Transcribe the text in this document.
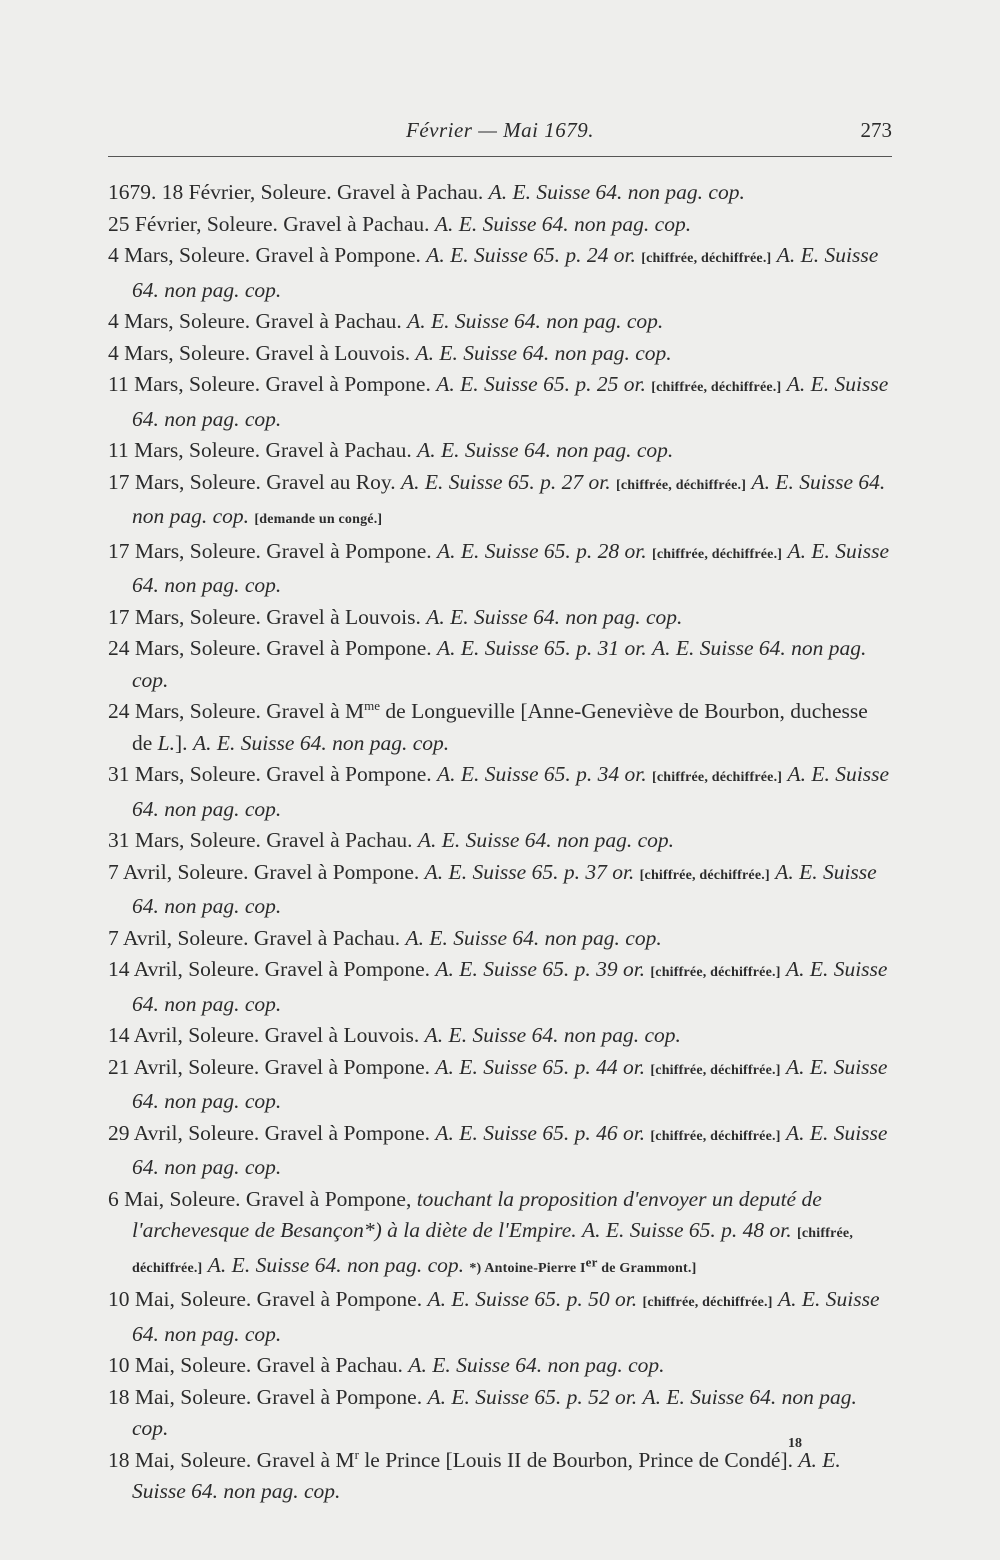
Février — Mai 1679.	273

1679. 18 Février, Soleure. Gravel à Pachau. A. E. Suisse 64. non pag. cop.

25 Février, Soleure. Gravel à Pachau. A. E. Suisse 64. non pag. cop.

4 Mars, Soleure. Gravel à Pompone. A. E. Suisse 65. p. 24 or. [chiffrée, déchiffrée.] A. E. Suisse 64. non pag. cop.

4 Mars, Soleure. Gravel à Pachau. A. E. Suisse 64. non pag. cop.

4 Mars, Soleure. Gravel à Louvois. A. E. Suisse 64. non pag. cop.

11 Mars, Soleure. Gravel à Pompone. A. E. Suisse 65. p. 25 or. [chiffrée, déchiffrée.] A. E. Suisse 64. non pag. cop.

11 Mars, Soleure. Gravel à Pachau. A. E. Suisse 64. non pag. cop.

17 Mars, Soleure. Gravel au Roy. A. E. Suisse 65. p. 27 or. [chiffrée, déchiffrée.] A. E. Suisse 64. non pag. cop. [demande un congé.]

17 Mars, Soleure. Gravel à Pompone. A. E. Suisse 65. p. 28 or. [chiffrée, déchiffrée.] A. E. Suisse 64. non pag. cop.

17 Mars, Soleure. Gravel à Louvois. A. E. Suisse 64. non pag. cop.

24 Mars, Soleure. Gravel à Pompone. A. E. Suisse 65. p. 31 or. A. E. Suisse 64. non pag. cop.

24 Mars, Soleure. Gravel à $M^{me}$ de Longueville [Anne-Geneviève de Bourbon, duchesse de L.]. A. E. Suisse 64. non pag. cop.

31 Mars, Soleure. Gravel à Pompone. A. E. Suisse 65. p. 34 or. [chiffrée, déchiffrée.] A. E. Suisse 64. non pag. cop.

31 Mars, Soleure. Gravel à Pachau. A. E. Suisse 64. non pag. cop.

7 Avril, Soleure. Gravel à Pompone. A. E. Suisse 65. p. 37 or. [chiffrée, déchiffrée.] A. E. Suisse 64. non pag. cop.

7 Avril, Soleure. Gravel à Pachau. A. E. Suisse 64. non pag. cop.

14 Avril, Soleure. Gravel à Pompone. A. E. Suisse 65. p. 39 or. [chiffrée, déchiffrée.] A. E. Suisse 64. non pag. cop.

14 Avril, Soleure. Gravel à Louvois. A. E. Suisse 64. non pag. cop.

21 Avril, Soleure. Gravel à Pompone. A. E. Suisse 65. p. 44 or. [chiffrée, déchiffrée.] A. E. Suisse 64. non pag. cop.

29 Avril, Soleure. Gravel à Pompone. A. E. Suisse 65. p. 46 or. [chiffrée, déchiffrée.] A. E. Suisse 64. non pag. cop.

6 Mai, Soleure. Gravel à Pompone, touchant la proposition d'envoyer un deputé de l'archevesque de Besançon*) à la diète de l'Empire. A. E. Suisse 65. p. 48 or. [chiffrée, déchiffrée.] A. E. Suisse 64. non pag. cop. *) Antoine-Pierre Ier de Grammont.]

10 Mai, Soleure. Gravel à Pompone. A. E. Suisse 65. p. 50 or. [chiffrée, déchiffrée.] A. E. Suisse 64. non pag. cop.

10 Mai, Soleure. Gravel à Pachau. A. E. Suisse 64. non pag. cop.

18 Mai, Soleure. Gravel à Pompone. A. E. Suisse 65. p. 52 or. A. E. Suisse 64. non pag. cop.

18 Mai, Soleure. Gravel à $M^r$ le Prince [Louis II de Bourbon, Prince de Condé]. A. E. Suisse 64. non pag. cop.

18
